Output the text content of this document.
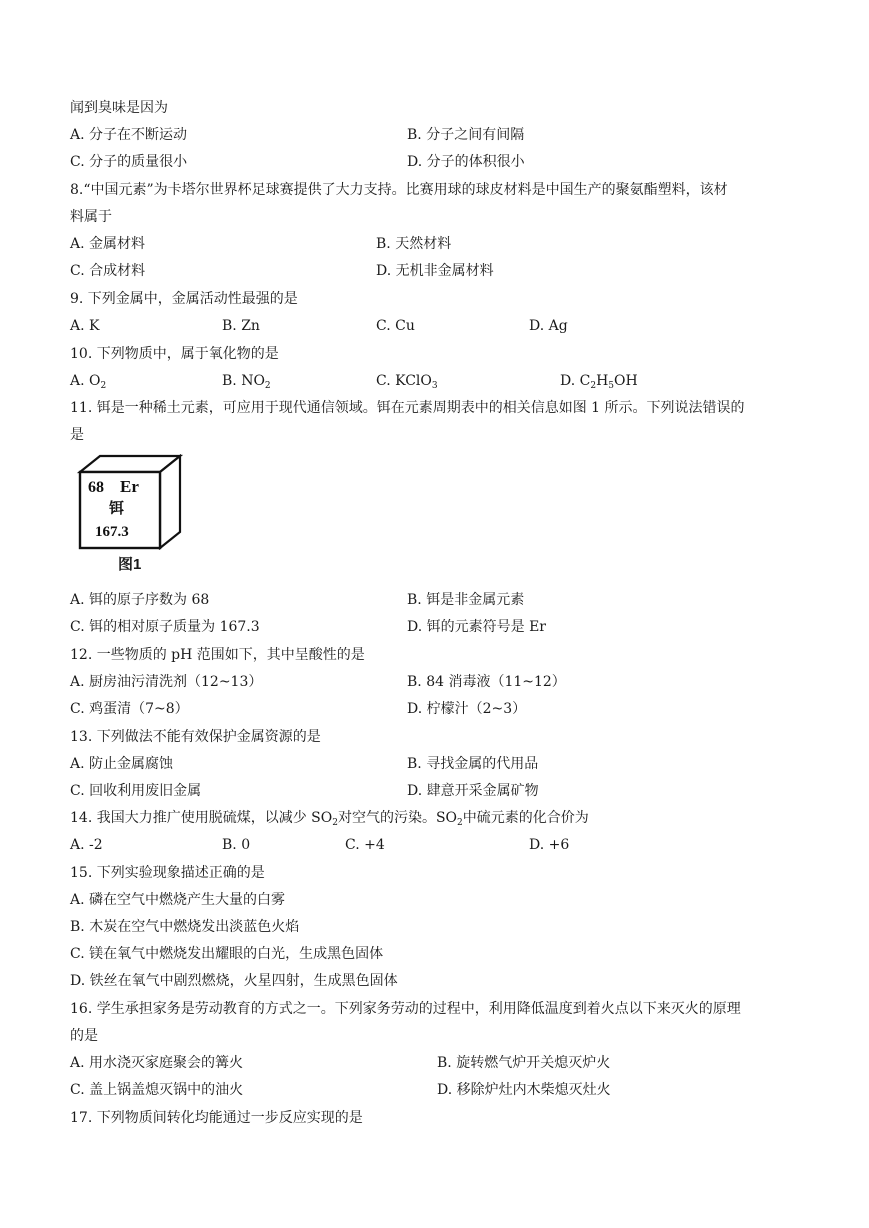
闻到臭味是因为
A. 分子在不断运动	B. 分子之间有间隔
C. 分子的质量很小	D. 分子的体积很小
8.“中国元素”为卡塔尔世界杯足球赛提供了大力支持。比赛用球的球皮材料是中国生产的聚氨酯塑料，该材
料属于
A. 金属材料	B. 天然材料
C. 合成材料	D. 无机非金属材料
9. 下列金属中，金属活动性最强的是
A. K	B. Zn	C. Cu	D. Ag
10. 下列物质中，属于氧化物的是
A. $O_2$	B. $NO_2$	C. KClO$_3$	D. $C_2H_5OH$
11. 铒是一种稀土元素，可应用于现代通信领域。铒在元素周期表中的相关信息如图 1 所示。下列说法错误的
是
68 Er
铒
167.3
图1
A. 铒的原子序数为 68	B. 铒是非金属元素
C. 铒的相对原子质量为 167.3	D. 铒的元素符号是 Er
12. 一些物质的 pH 范围如下，其中呈酸性的是
A. 厨房油污清洗剂（12~13）	B. 84 消毒液（11~12）
C. 鸡蛋清（7~8）	D. 柠檬汁（2~3）
13. 下列做法不能有效保护金属资源的是
A. 防止金属腐蚀	B. 寻找金属的代用品
C. 回收利用废旧金属	D. 肆意开采金属矿物
14. 我国大力推广使用脱硫煤，以减少 $SO_2$对空气的污染。$SO_2$中硫元素的化合价为
A. -2	B. 0	C. +4	D. +6
15. 下列实验现象描述正确的是
A. 磷在空气中燃烧产生大量的白雾
B. 木炭在空气中燃烧发出淡蓝色火焰
C. 镁在氧气中燃烧发出耀眼的白光，生成黑色固体
D. 铁丝在氧气中剧烈燃烧，火星四射，生成黑色固体
16. 学生承担家务是劳动教育的方式之一。下列家务劳动的过程中，利用降低温度到着火点以下来灭火的原理
的是
A. 用水浇灭家庭聚会的篝火	B. 旋转燃气炉开关熄灭炉火
C. 盖上锅盖熄灭锅中的油火	D. 移除炉灶内木柴熄灭灶火
17. 下列物质间转化均能通过一步反应实现的是
